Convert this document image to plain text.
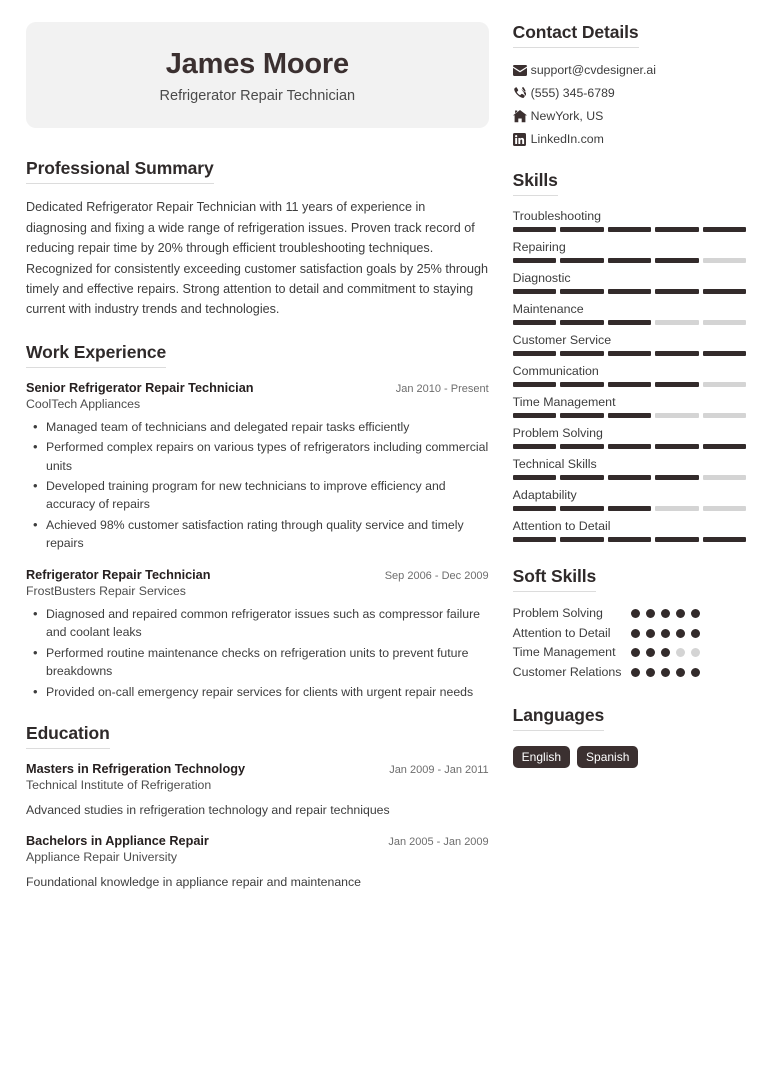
James Moore
Refrigerator Repair Technician
Professional Summary
Dedicated Refrigerator Repair Technician with 11 years of experience in diagnosing and fixing a wide range of refrigeration issues. Proven track record of reducing repair time by 20% through efficient troubleshooting techniques. Recognized for consistently exceeding customer satisfaction goals by 25% through timely and effective repairs. Strong attention to detail and commitment to staying current with industry trends and technologies.
Work Experience
Senior Refrigerator Repair Technician	Jan 2010 - Present
CoolTech Appliances
• Managed team of technicians and delegated repair tasks efficiently
• Performed complex repairs on various types of refrigerators including commercial units
• Developed training program for new technicians to improve efficiency and accuracy of repairs
• Achieved 98% customer satisfaction rating through quality service and timely repairs
Refrigerator Repair Technician	Sep 2006 - Dec 2009
FrostBusters Repair Services
• Diagnosed and repaired common refrigerator issues such as compressor failure and coolant leaks
• Performed routine maintenance checks on refrigeration units to prevent future breakdowns
• Provided on-call emergency repair services for clients with urgent repair needs
Education
Masters in Refrigeration Technology	Jan 2009 - Jan 2011
Technical Institute of Refrigeration
Advanced studies in refrigeration technology and repair techniques
Bachelors in Appliance Repair	Jan 2005 - Jan 2009
Appliance Repair University
Foundational knowledge in appliance repair and maintenance
Contact Details
support@cvdesigner.ai
(555) 345-6789
NewYork, US
LinkedIn.com
Skills
Troubleshooting
Repairing
Diagnostic
Maintenance
Customer Service
Communication
Time Management
Problem Solving
Technical Skills
Adaptability
Attention to Detail
Soft Skills
Problem Solving
Attention to Detail
Time Management
Customer Relations
Languages
English	Spanish
